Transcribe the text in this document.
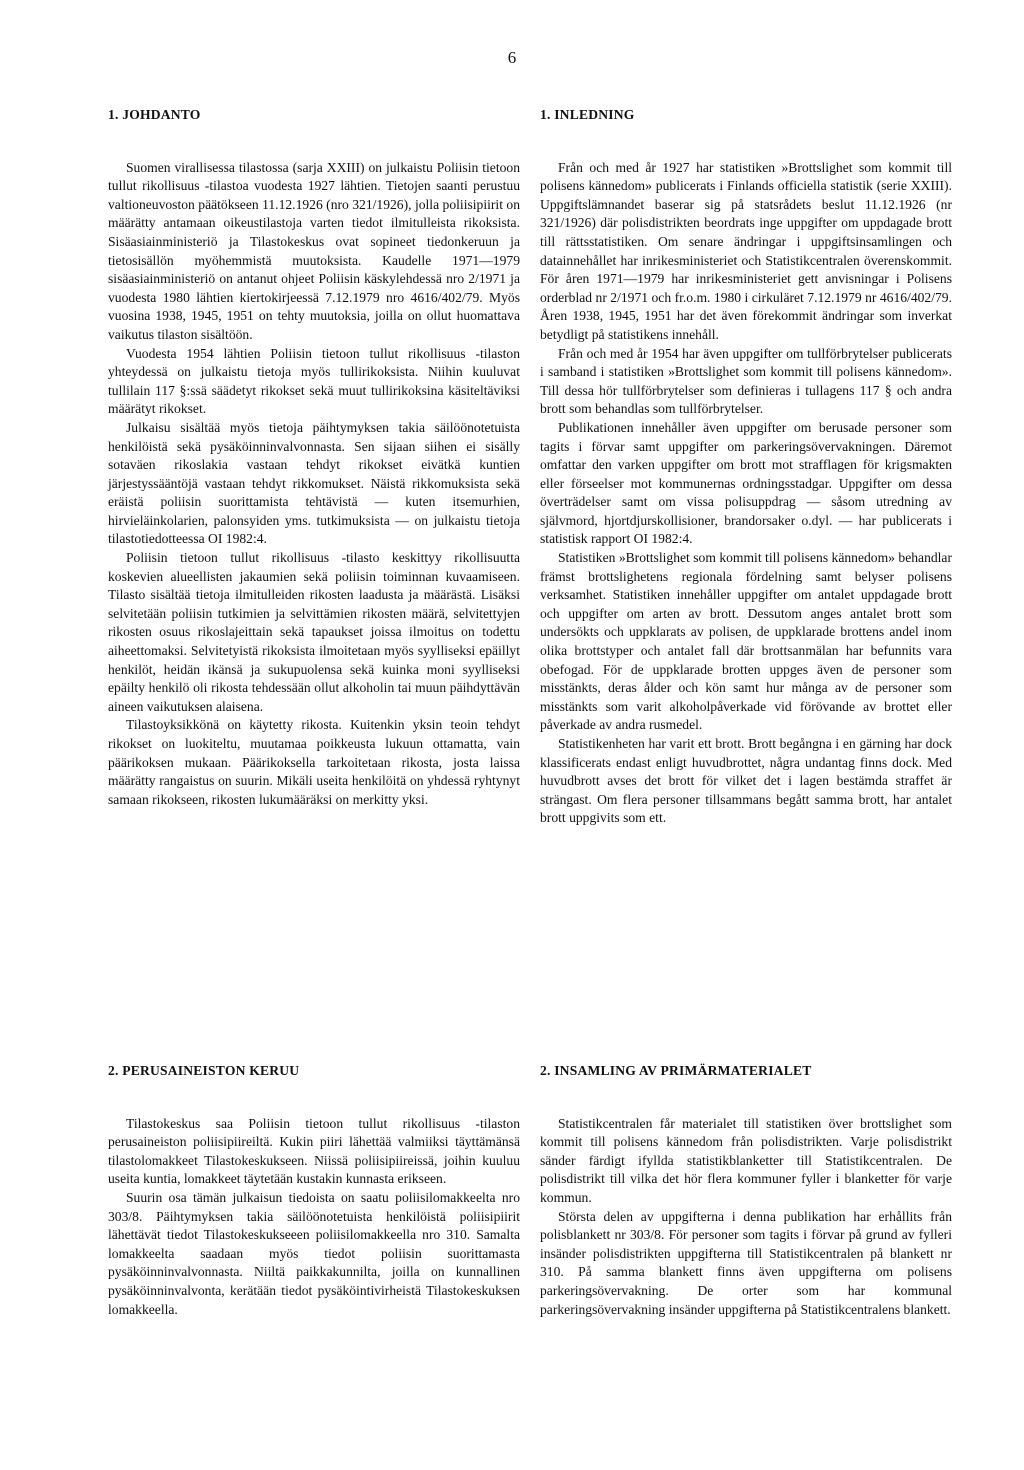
6
1. JOHDANTO

Suomen virallisessa tilastossa (sarja XXIII) on julkaistu Poliisin tietoon tullut rikollisuus -tilastoa vuodesta 1927 lähtien. Tietojen saanti perustuu valtioneuvoston päätökseen 11.12.1926 (nro 321/1926), jolla poliisipiirit on määrätty antamaan oikeustilastoja varten tiedot ilmitulleista rikoksista. Sisäasiainministeriö ja Tilastokeskus ovat sopineet tiedonkeruun ja tietosisällön myöhemmistä muutoksista. Kaudelle 1971—1979 sisäasiainministeriö on antanut ohjeet Poliisin käskylehdessä nro 2/1971 ja vuodesta 1980 lähtien kiertokirjeessä 7.12.1979 nro 4616/402/79. Myös vuosina 1938, 1945, 1951 on tehty muutoksia, joilla on ollut huomattava vaikutus tilaston sisältöön.

Vuodesta 1954 lähtien Poliisin tietoon tullut rikollisuus -tilaston yhteydessä on julkaistu tietoja myös tullirikoksista. Niihin kuuluvat tullilain 117 §:ssä säädetyt rikokset sekä muut tullirikoksina käsiteltäviksi määrätyt rikokset.

Julkaisu sisältää myös tietoja päihtymyksen takia säilöönotetuista henkilöistä sekä pysäköinninvalvonnasta. Sen sijaan siihen ei sisälly sotaväen rikoslakia vastaan tehdyt rikokset eivätkä kuntien järjestyssääntöjä vastaan tehdyt rikkomukset. Näistä rikkomuksista sekä eräistä poliisin suorittamista tehtävistä — kuten itsemurhien, hirvieläinkolarien, palonsyiden yms. tutkimuksista — on julkaistu tietoja tilastotiedotteessa OI 1982:4.

Poliisin tietoon tullut rikollisuus -tilasto keskittyy rikollisuutta koskevien alueellisten jakaumien sekä poliisin toiminnan kuvaamiseen. Tilasto sisältää tietoja ilmitulleiden rikosten laadusta ja määrästä. Lisäksi selvitetään poliisin tutkimien ja selvittämien rikosten määrä, selvitettyjen rikosten osuus rikoslajeittain sekä tapaukset joissa ilmoitus on todettu aiheettomaksi. Selvitetyistä rikoksista ilmoitetaan myös syylliseksi epäillyt henkilöt, heidän ikänsä ja sukupuolensa sekä kuinka moni syylliseksi epäilty henkilö oli rikosta tehdessään ollut alkoholin tai muun päihdyttävän aineen vaikutuksen alaisena.

Tilastoyksikkönä on käytetty rikosta. Kuitenkin yksin teoin tehdyt rikokset on luokiteltu, muutamaa poikkeusta lukuun ottamatta, vain päärikoksen mukaan. Päärikoksella tarkoitetaan rikosta, josta laissa määrätty rangaistus on suurin. Mikäli useita henkilöitä on yhdessä ryhtynyt samaan rikokseen, rikosten lukumääräksi on merkitty yksi.

1. INLEDNING

Från och med år 1927 har statistiken »Brottslighet som kommit till polisens kännedom» publicerats i Finlands officiella statistik (serie XXIII). Uppgiftslämnandet baserar sig på statsrådets beslut 11.12.1926 (nr 321/1926) där polisdistrikten beordrats inge uppgifter om uppdagade brott till rättsstatistiken. Om senare ändringar i uppgiftsinsamlingen och datainnehållet har inrikesministeriet och Statistikcentralen överenskommit. För åren 1971—1979 har inrikesministeriet gett anvisningar i Polisens orderblad nr 2/1971 och fr.o.m. 1980 i cirkuläret 7.12.1979 nr 4616/402/79. Åren 1938, 1945, 1951 har det även förekommit ändringar som inverkat betydligt på statistikens innehåll.

Från och med år 1954 har även uppgifter om tullförbrytelser publicerats i samband i statistiken »Brottslighet som kommit till polisens kännedom». Till dessa hör tullförbrytelser som definieras i tullagens 117 § och andra brott som behandlas som tullförbrytelser.

Publikationen innehåller även uppgifter om berusade personer som tagits i förvar samt uppgifter om parkeringsövervakningen. Däremot omfattar den varken uppgifter om brott mot strafflagen för krigsmakten eller förseelser mot kommunernas ordningsstadgar. Uppgifter om dessa överträdelser samt om vissa polisuppdrag — såsom utredning av självmord, hjortdjurskollisioner, brandorsaker o.dyl. — har publicerats i statistisk rapport OI 1982:4.

Statistiken »Brottslighet som kommit till polisens kännedom» behandlar främst brottslighetens regionala fördelning samt belyser polisens verksamhet. Statistiken innehåller uppgifter om antalet uppdagade brott och uppgifter om arten av brott. Dessutom anges antalet brott som undersökts och uppklarats av polisen, de uppklarade brottens andel inom olika brottstyper och antalet fall där brottsanmälan har befunnits vara obefogad. För de uppklarade brotten uppges även de personer som misstänkts, deras ålder och kön samt hur många av de personer som misstänkts som varit alkoholpåverkade vid förövande av brottet eller påverkade av andra rusmedel.

Statistikenheten har varit ett brott. Brott begångna i en gärning har dock klassificerats endast enligt huvudbrottet, några undantag finns dock. Med huvudbrott avses det brott för vilket det i lagen bestämda straffet är strängast. Om flera personer tillsammans begått samma brott, har antalet brott uppgivits som ett.

2. PERUSAINEISTON KERUU

Tilastokeskus saa Poliisin tietoon tullut rikollisuus -tilaston perusaineiston poliisipiireiltä. Kukin piiri lähettää valmiiksi täyttämänsä tilastolomakkeet Tilastokeskukseen. Niissä poliisipiireissä, joihin kuuluu useita kuntia, lomakkeet täytetään kustakin kunnasta erikseen.

Suurin osa tämän julkaisun tiedoista on saatu poliisilomakkeelta nro 303/8. Päihtymyksen takia säilöönotetuista henkilöistä poliisipiirit lähettävät tiedot Tilastokeskukseeen poliisilomakkeella nro 310. Samalta lomakkeelta saadaan myös tiedot poliisin suorittamasta pysäköinninvalvonnasta. Niiltä paikkakunnilta, joilla on kunnallinen pysäköinninvalvonta, kerätään tiedot pysäköintivirheistä Tilastokeskuksen lomakkeella.

2. INSAMLING AV PRIMÄRMATERIALET

Statistikcentralen får materialet till statistiken över brottslighet som kommit till polisens kännedom från polisdistrikten. Varje polisdistrikt sänder färdigt ifyllda statistikblanketter till Statistikcentralen. De polisdistrikt till vilka det hör flera kommuner fyller i blanketter för varje kommun.

Största delen av uppgifterna i denna publikation har erhållits från polisblankett nr 303/8. För personer som tagits i förvar på grund av fylleri insänder polisdistrikten uppgifterna till Statistikcentralen på blankett nr 310. På samma blankett finns även uppgifterna om polisens parkeringsövervakning. De orter som har kommunal parkeringsövervakning insänder uppgifterna på Statistikcentralens blankett.
